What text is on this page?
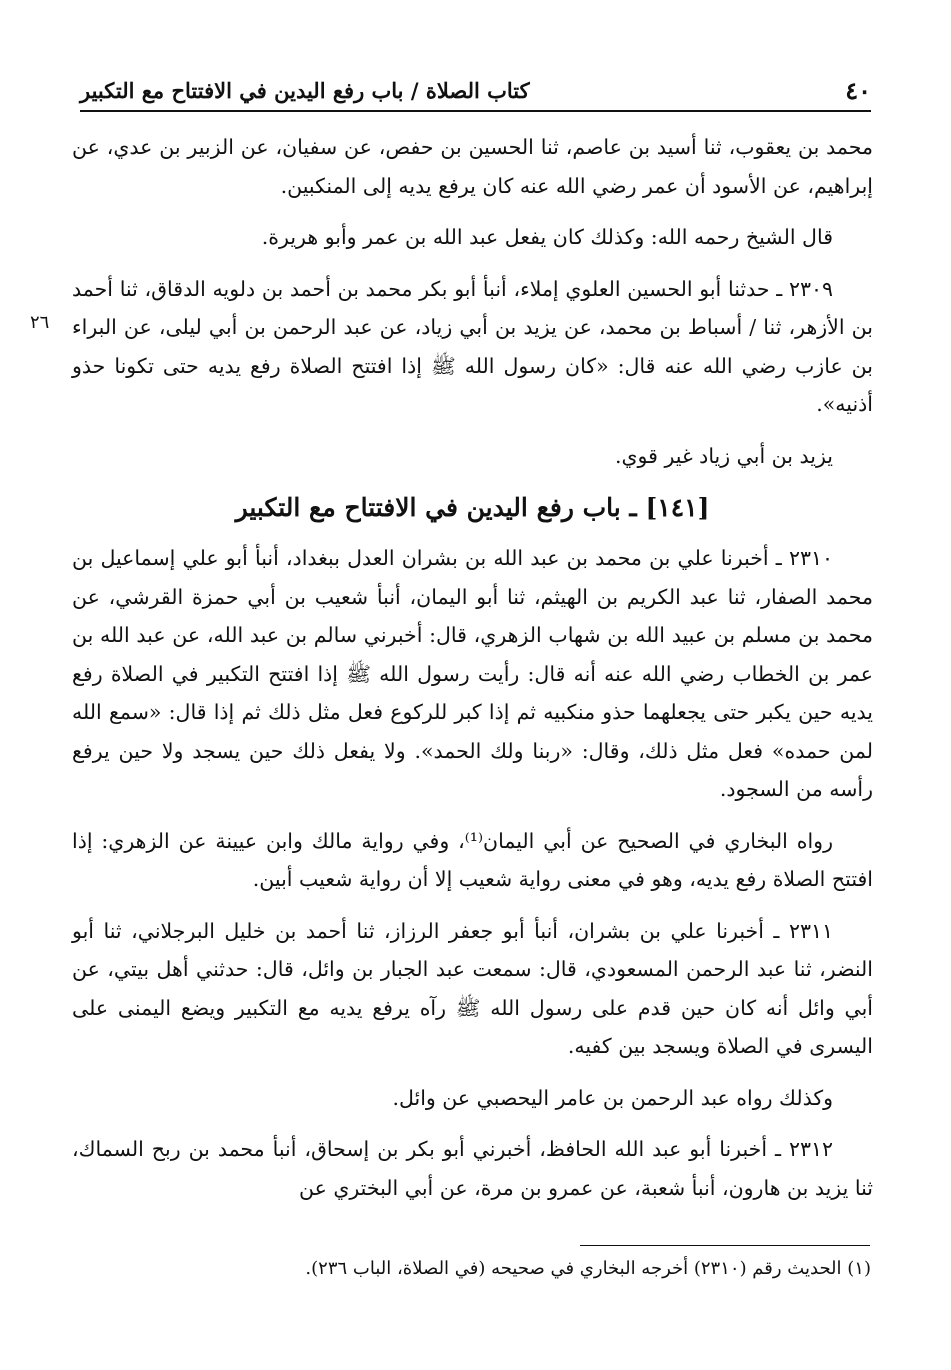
٤٠
كتاب الصلاة / باب رفع اليدين في الافتتاح مع التكبير
٢٦

محمد بن يعقوب، ثنا أسيد بن عاصم، ثنا الحسين بن حفص، عن سفيان، عن الزبير بن عدي، عن إبراهيم، عن الأسود أن عمر رضي الله عنه كان يرفع يديه إلى المنكبين.

قال الشيخ رحمه الله: وكذلك كان يفعل عبد الله بن عمر وأبو هريرة.

٢٣٠٩ ـ حدثنا أبو الحسين العلوي إملاء، أنبأ أبو بكر محمد بن أحمد بن دلويه الدقاق، ثنا أحمد بن الأزهر، ثنا / أسباط بن محمد، عن يزيد بن أبي زياد، عن عبد الرحمن بن أبي ليلى، عن البراء بن عازب رضي الله عنه قال: «كان رسول الله ﷺ إذا افتتح الصلاة رفع يديه حتى تكونا حذو أذنيه».

يزيد بن أبي زياد غير قوي.

[١٤١] ـ باب رفع اليدين في الافتتاح مع التكبير

٢٣١٠ ـ أخبرنا علي بن محمد بن عبد الله بن بشران العدل ببغداد، أنبأ أبو علي إسماعيل بن محمد الصفار، ثنا عبد الكريم بن الهيثم، ثنا أبو اليمان، أنبأ شعيب بن أبي حمزة القرشي، عن محمد بن مسلم بن عبيد الله بن شهاب الزهري، قال: أخبرني سالم بن عبد الله، عن عبد الله بن عمر بن الخطاب رضي الله عنه أنه قال: رأيت رسول الله ﷺ إذا افتتح التكبير في الصلاة رفع يديه حين يكبر حتى يجعلهما حذو منكبيه ثم إذا كبر للركوع فعل مثل ذلك ثم إذا قال: «سمع الله لمن حمده» فعل مثل ذلك، وقال: «ربنا ولك الحمد». ولا يفعل ذلك حين يسجد ولا حين يرفع رأسه من السجود.

رواه البخاري في الصحيح عن أبي اليمان⁽¹⁾، وفي رواية مالك وابن عيينة عن الزهري: إذا افتتح الصلاة رفع يديه، وهو في معنى رواية شعيب إلا أن رواية شعيب أبين.

٢٣١١ ـ أخبرنا علي بن بشران، أنبأ أبو جعفر الرزاز، ثنا أحمد بن خليل البرجلاني، ثنا أبو النضر، ثنا عبد الرحمن المسعودي، قال: سمعت عبد الجبار بن وائل، قال: حدثني أهل بيتي، عن أبي وائل أنه كان حين قدم على رسول الله ﷺ رآه يرفع يديه مع التكبير ويضع اليمنى على اليسرى في الصلاة ويسجد بين كفيه.

وكذلك رواه عبد الرحمن بن عامر اليحصبي عن وائل.

٢٣١٢ ـ أخبرنا أبو عبد الله الحافظ، أخبرني أبو بكر بن إسحاق، أنبأ محمد بن ربح السماك، ثنا يزيد بن هارون، أنبأ شعبة، عن عمرو بن مرة، عن أبي البختري عن

(١) الحديث رقم (٢٣١٠) أخرجه البخاري في صحيحه (في الصلاة، الباب ٢٣٦).
